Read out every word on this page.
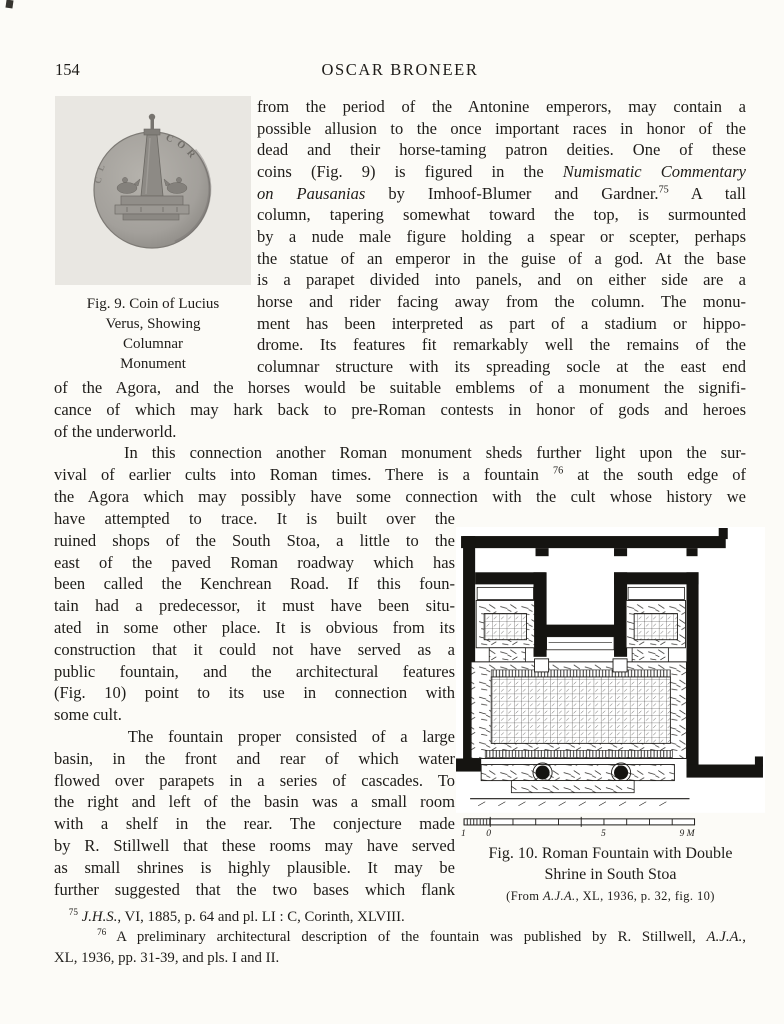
154	OSCAR BRONEER
COR
CL
Fig. 9. Coin of Lucius
Verus, Showing
Columnar
Monument
from the period of the Antonine emperors, may contain a
possible allusion to the once important races in honor of the
dead and their horse-taming patron deities. One of these
coins (Fig. 9) is figured in the Numismatic Commentary
on Pausanias by Imhoof-Blumer and Gardner.$^{75}$ A tall
column, tapering somewhat toward the top, is surmounted
by a nude male figure holding a spear or scepter, perhaps
the statue of an emperor in the guise of a god. At the base
is a parapet divided into panels, and on either side are a
horse and rider facing away from the column. The monu-
ment has been interpreted as part of a stadium or hippo-
drome. Its features fit remarkably well the remains of the
columnar structure with its spreading socle at the east end
of the Agora, and the horses would be suitable emblems of a monument the signifi-
cance of which may hark back to pre-Roman contests in honor of gods and heroes
of the underworld.
In this connection another Roman monument sheds further light upon the sur-
vival of earlier cults into Roman times. There is a fountain $^{76}$ at the south edge of
the Agora which may possibly have some connection with the cult whose history we
have attempted to trace. It is built over the
ruined shops of the South Stoa, a little to the
east of the paved Roman roadway which has
been called the Kenchrean Road. If this foun-
tain had a predecessor, it must have been situ-
ated in some other place. It is obvious from its
construction that it could not have served as a
public fountain, and the architectural features
(Fig. 10) point to its use in connection with
some cult.
The fountain proper consisted of a large
basin, in the front and rear of which water
flowed over parapets in a series of cascades. To
the right and left of the basin was a small room
with a shelf in the rear. The conjecture made
by R. Stillwell that these rooms may have served
as small shrines is highly plausible. It may be
further suggested that the two bases which flank
1 0	5	9 M
Fig. 10. Roman Fountain with Double
Shrine in South Stoa
(From A.J.A., XL, 1936, p. 32, fig. 10)
$^{75}$ J.H.S., VI, 1885, p. 64 and pl. LI : C, Corinth, XLVIII.
$^{76}$ A preliminary architectural description of the fountain was published by R. Stillwell, A.J.A.,
XL, 1936, pp. 31-39, and pls. I and II.
